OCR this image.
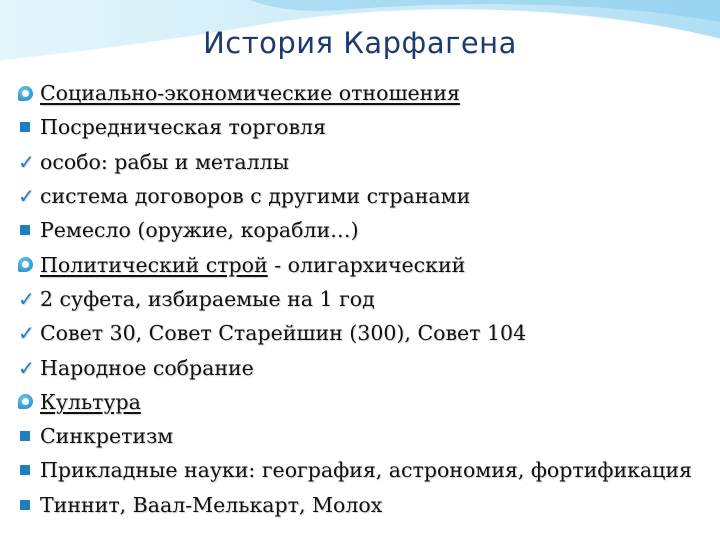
История Карфагена
Социально-экономические отношения
Посредническая торговля
✓ особо: рабы и металлы
✓ система договоров с другими странами
Ремесло (оружие, корабли…)
Политический строй - олигархический
✓ 2 суфета, избираемые на 1 год
✓ Совет 30, Совет Старейшин (300), Совет 104
✓ Народное собрание
Культура
Синкретизм
Прикладные науки: география, астрономия, фортификация
Тиннит, Ваал-Мелькарт, Молох
